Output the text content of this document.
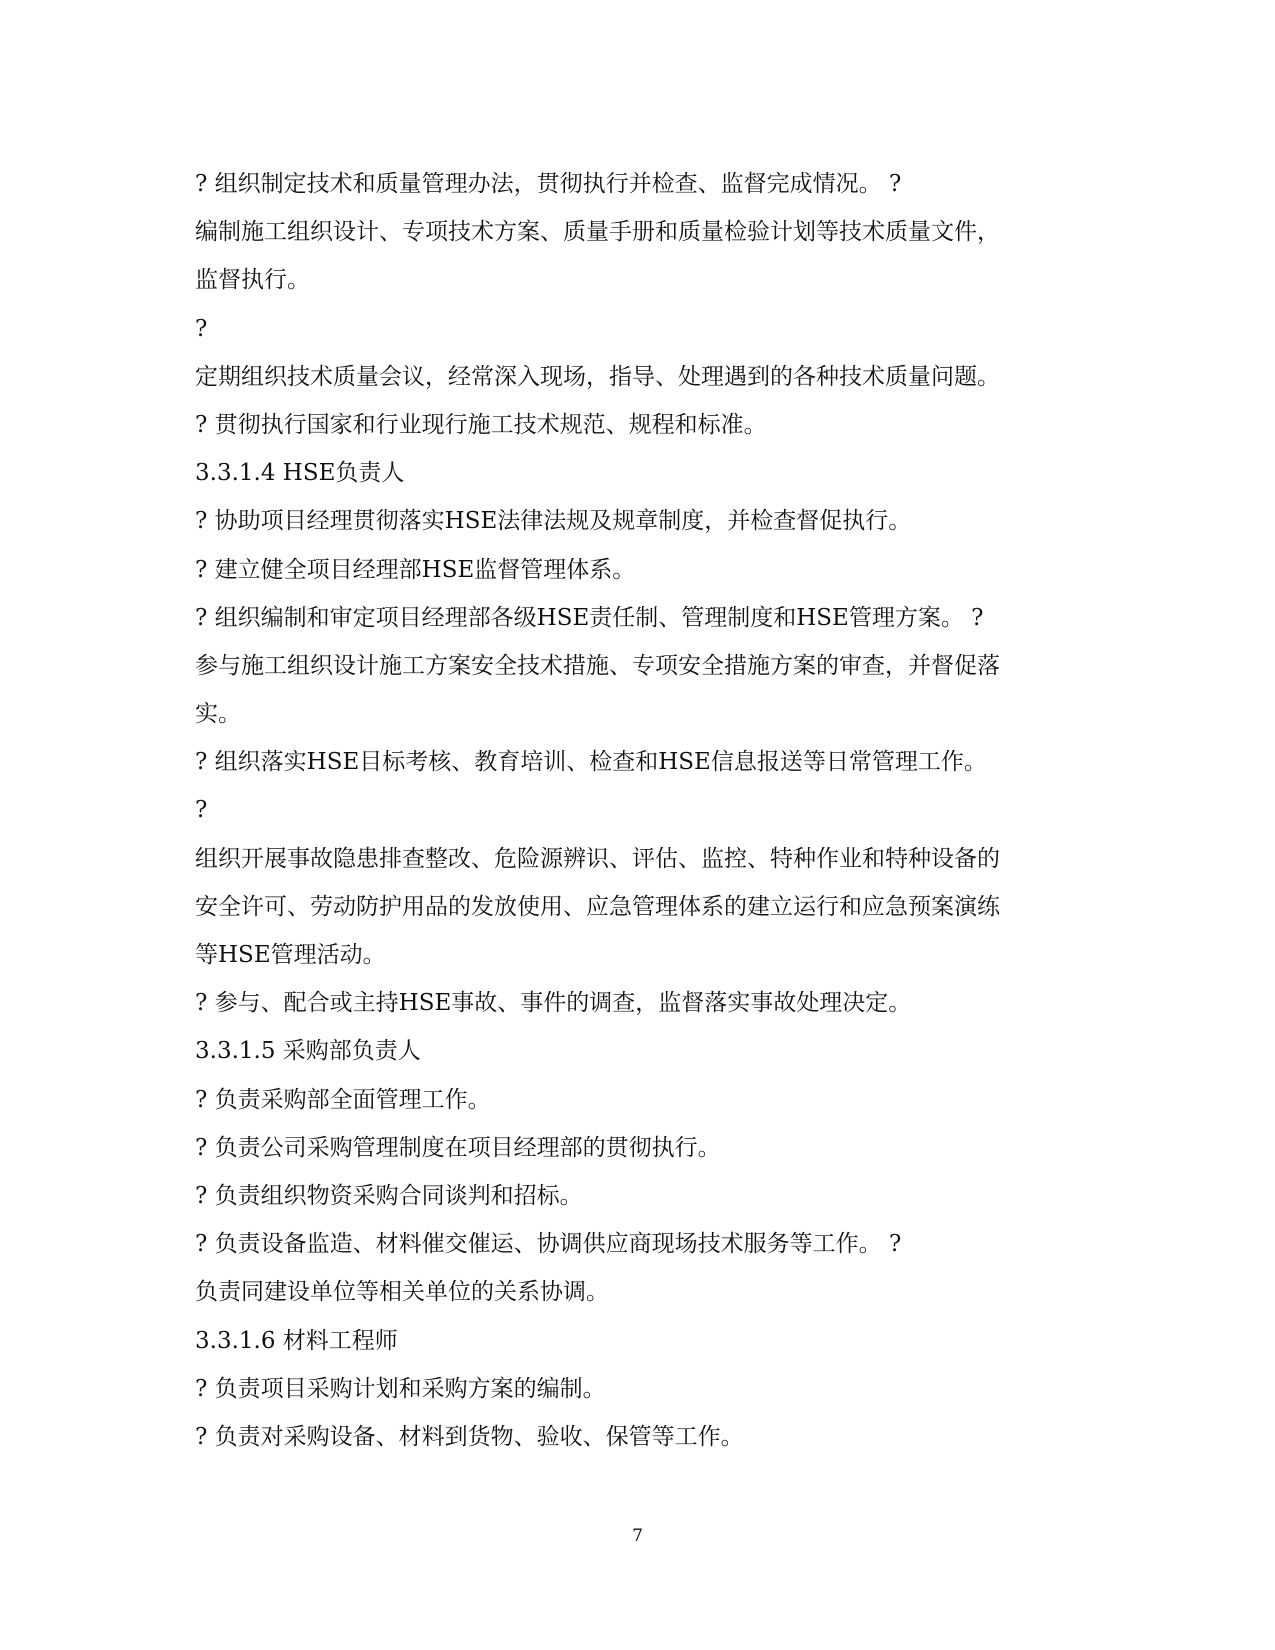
? 组织制定技术和质量管理办法，贯彻执行并检查、监督完成情况。 ?
编制施工组织设计、专项技术方案、质量手册和质量检验计划等技术质量文件，
监督执行。
?
定期组织技术质量会议，经常深入现场，指导、处理遇到的各种技术质量问题。
? 贯彻执行国家和行业现行施工技术规范、规程和标准。
3.3.1.4 HSE负责人
? 协助项目经理贯彻落实HSE法律法规及规章制度，并检查督促执行。
? 建立健全项目经理部HSE监督管理体系。
? 组织编制和审定项目经理部各级HSE责任制、管理制度和HSE管理方案。 ?
参与施工组织设计施工方案安全技术措施、专项安全措施方案的审查，并督促落
实。
? 组织落实HSE目标考核、教育培训、检查和HSE信息报送等日常管理工作。
?
组织开展事故隐患排查整改、危险源辨识、评估、监控、特种作业和特种设备的
安全许可、劳动防护用品的发放使用、应急管理体系的建立运行和应急预案演练
等HSE管理活动。
? 参与、配合或主持HSE事故、事件的调查，监督落实事故处理决定。
3.3.1.5 采购部负责人
? 负责采购部全面管理工作。
? 负责公司采购管理制度在项目经理部的贯彻执行。
? 负责组织物资采购合同谈判和招标。
? 负责设备监造、材料催交催运、协调供应商现场技术服务等工作。 ?
负责同建设单位等相关单位的关系协调。
3.3.1.6 材料工程师
? 负责项目采购计划和采购方案的编制。
? 负责对采购设备、材料到货物、验收、保管等工作。
7
